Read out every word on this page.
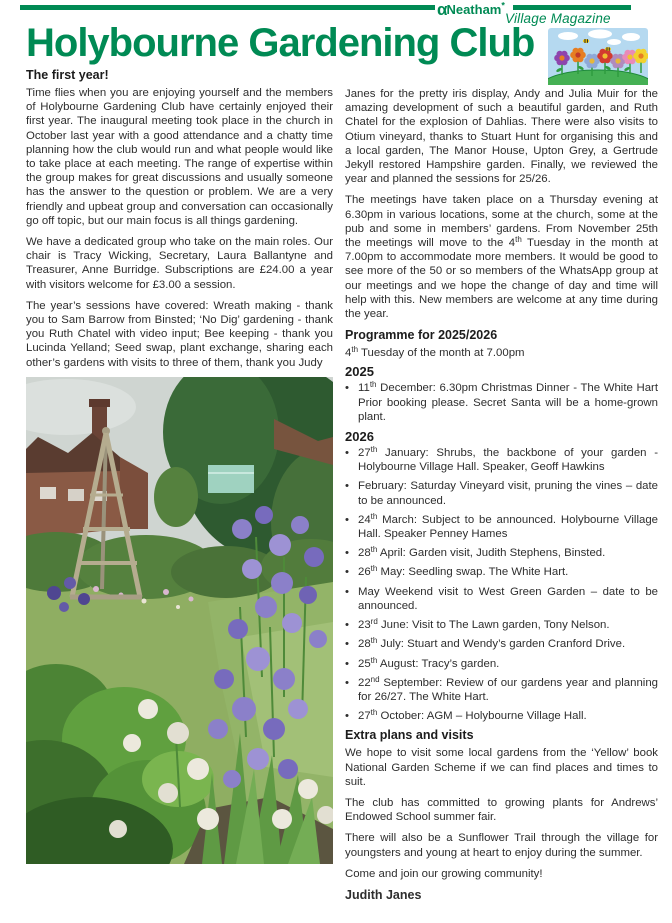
αNeatham*
Village Magazine
Holybourne Gardening Club
The first year!

Time flies when you are enjoying yourself and the members of Holybourne Gardening Club have certainly enjoyed their first year. The inaugural meeting took place in the church in October last year with a good attendance and a chatty time planning how the club would run and what people would like to take place at each meeting. The range of expertise within the group makes for great discussions and usually someone has the answer to the question or problem. We are a very friendly and upbeat group and conversation can occasionally go off topic, but our main focus is all things gardening.

We have a dedicated group who take on the main roles. Our chair is Tracy Wicking, Secretary, Laura Ballantyne and Treasurer, Anne Burridge. Subscriptions are £24.00 a year with visitors welcome for £3.00 a session.

The year’s sessions have covered: Wreath making - thank you to Sam Barrow from Binsted; ‘No Dig’ gardening - thank you Ruth Chatel with video input; Bee keeping - thank you Lucinda Yelland; Seed swap, plant exchange, sharing each other’s gardens with visits to three of them, thank you Judy

Janes for the pretty iris display, Andy and Julia Muir for the amazing development of such a beautiful garden, and Ruth Chatel for the explosion of Dahlias. There were also visits to Otium vineyard, thanks to Stuart Hunt for organising this and a local garden, The Manor House, Upton Grey, a Gertrude Jekyll restored Hampshire garden. Finally, we reviewed the year and planned the sessions for 25/26.

The meetings have taken place on a Thursday evening at 6.30pm in various locations, some at the church, some at the pub and some in members’ gardens. From November 25th the meetings will move to the 4th Tuesday in the month at 7.00pm to accommodate more members. It would be good to see more of the 50 or so members of the WhatsApp group at our meetings and we hope the change of day and time will help with this. New members are welcome at any time during the year.

Programme for 2025/2026

4th Tuesday of the month at 7.00pm

2025
• 11th December: 6.30pm Christmas Dinner - The White Hart Prior booking please. Secret Santa will be a home-grown plant.
2026
• 27th January: Shrubs, the backbone of your garden - Holybourne Village Hall. Speaker, Geoff Hawkins
• February: Saturday Vineyard visit, pruning the vines – date to be announced.
• 24th March: Subject to be announced. Holybourne Village Hall. Speaker Penney Hames
• 28th April: Garden visit, Judith Stephens, Binsted.
• 26th May: Seedling swap. The White Hart.
• May Weekend visit to West Green Garden – date to be announced.
• 23rd June: Visit to The Lawn garden, Tony Nelson.
• 28th July: Stuart and Wendy’s garden Cranford Drive.
• 25th August: Tracy’s garden.
• 22nd September: Review of our gardens year and planning for 26/27. The White Hart.
• 27th October: AGM – Holybourne Village Hall.
Extra plans and visits

We hope to visit some local gardens from the ‘Yellow’ book National Garden Scheme if we can find places and times to suit.

The club has committed to growing plants for Andrews’ Endowed School summer fair.

There will also be a Sunflower Trail through the village for youngsters and young at heart to enjoy during the summer.

Come and join our growing community!

Judith Janes
